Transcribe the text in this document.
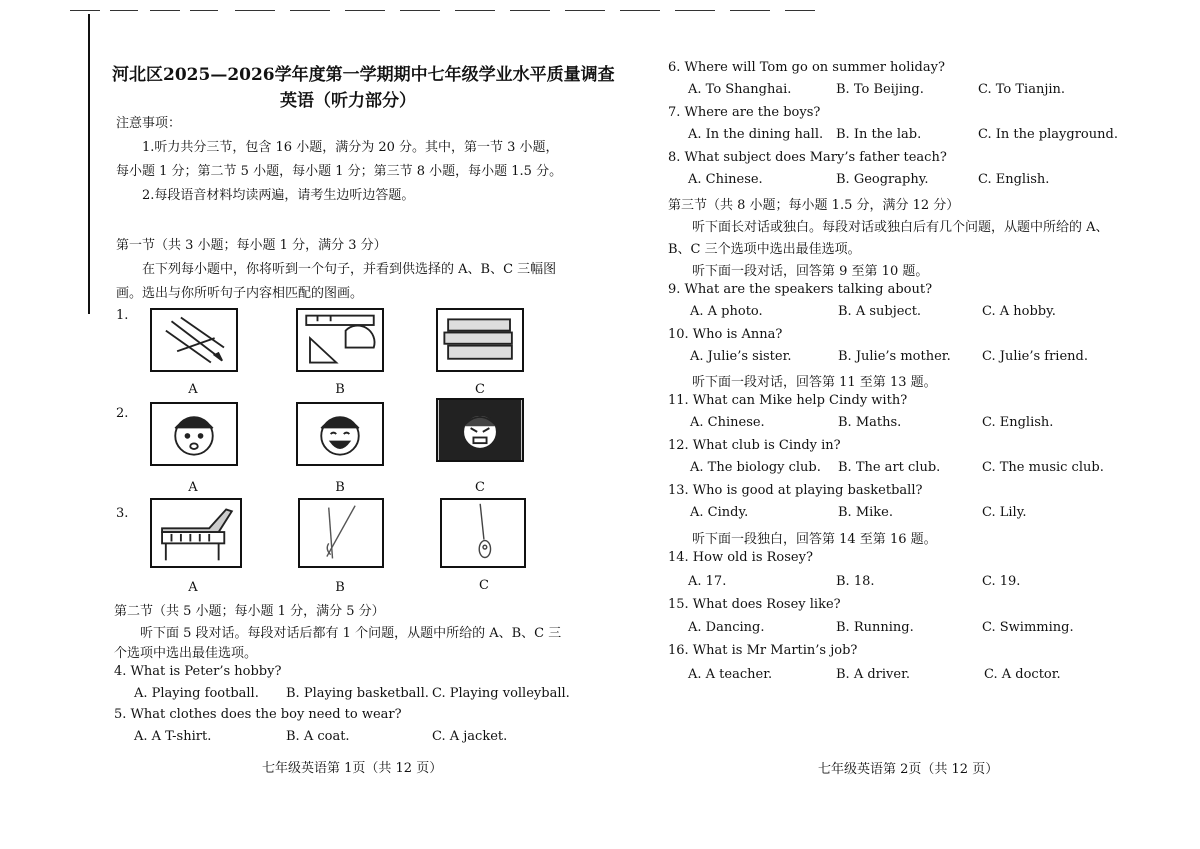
河北区2025—2026学年度第一学期期中七年级学业水平质量调查
英语（听力部分）
注意事项：
1.听力共分三节，包含 16 小题，满分为 20 分。其中，第一节 3 小题，
每小题 1 分；第二节 5 小题，每小题 1 分；第三节 8 小题，每小题 1.5 分。
2.每段语音材料均读两遍，请考生边听边答题。
第一节（共 3 小题；每小题 1 分，满分 3 分）
在下列每小题中，你将听到一个句子，并看到供选择的 A、B、C 三幅图
画。选出与你所听句子内容相匹配的图画。
1.
A	B	C
2.
A	B	C
3.
A	B	C
第二节（共 5 小题；每小题 1 分，满分 5 分）
听下面 5 段对话。每段对话后都有 1 个问题，从题中所给的 A、B、C 三
个选项中选出最佳选项。
4. What is Peter’s hobby?
A. Playing football. B. Playing basketball. C. Playing volleyball.
5. What clothes does the boy need to wear?
A. A T-shirt.	B. A coat.	C. A jacket.
七年级英语第 1页（共 12 页）
6. Where will Tom go on summer holiday?
A. To Shanghai.	B. To Beijing.	C. To Tianjin.
7. Where are the boys?
A. In the dining hall. B. In the lab.	C. In the playground.
8. What subject does Mary’s father teach?
A. Chinese.	B. Geography.	C. English.
第三节（共 8 小题；每小题 1.5 分，满分 12 分）
听下面长对话或独白。每段对话或独白后有几个问题，从题中所给的 A、
B、C 三个选项中选出最佳选项。
听下面一段对话，回答第 9 至第 10 题。
9. What are the speakers talking about?
A. A photo.	B. A subject.	C. A hobby.
10. Who is Anna?
A. Julie’s sister.	B. Julie’s mother. C. Julie’s friend.
听下面一段对话，回答第 11 至第 13 题。
11. What can Mike help Cindy with?
A. Chinese.	B. Maths.	C. English.
12. What club is Cindy in?
A. The biology club. B. The art club.	C. The music club.
13. Who is good at playing basketball?
A. Cindy.	B. Mike.	C. Lily.
听下面一段独白，回答第 14 至第 16 题。
14. How old is Rosey?
A. 17.	B. 18.	C. 19.
15. What does Rosey like?
A. Dancing.	B. Running.	C. Swimming.
16. What is Mr Martin’s job?
A. A teacher.	B. A driver.	C. A doctor.
七年级英语第 2页（共 12 页）
